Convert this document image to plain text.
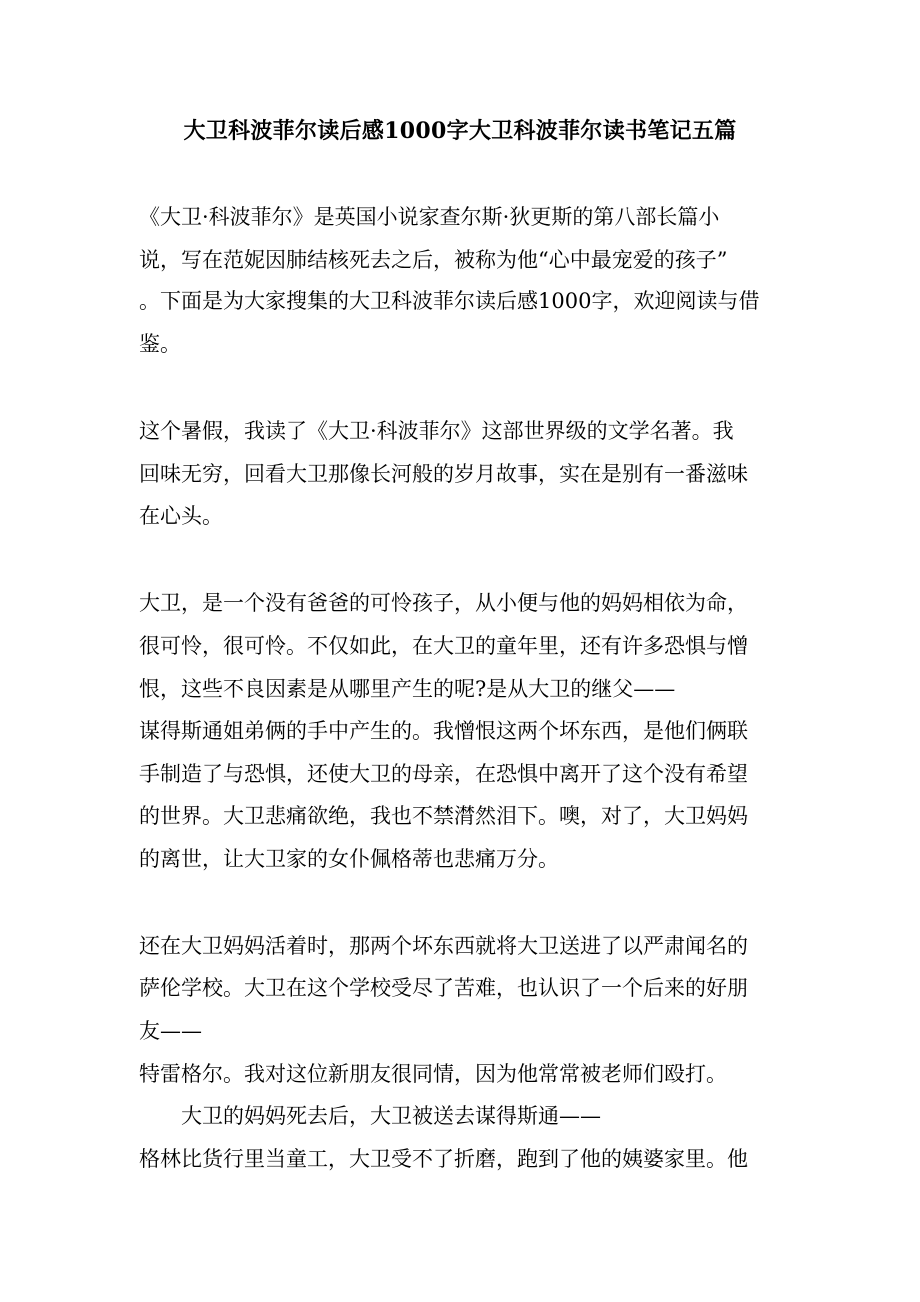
大卫科波菲尔读后感1000字大卫科波菲尔读书笔记五篇
《大卫·科波菲尔》是英国小说家查尔斯·狄更斯的第八部长篇小
说，写在范妮因肺结核死去之后，被称为他“心中最宠爱的孩子”
。下面是为大家搜集的大卫科波菲尔读后感1000字，欢迎阅读与借
鉴。
这个暑假，我读了《大卫·科波菲尔》这部世界级的文学名著。我
回味无穷，回看大卫那像长河般的岁月故事，实在是别有一番滋味
在心头。
大卫，是一个没有爸爸的可怜孩子，从小便与他的妈妈相依为命，
很可怜，很可怜。不仅如此，在大卫的童年里，还有许多恐惧与憎
恨，这些不良因素是从哪里产生的呢?是从大卫的继父——
谋得斯通姐弟俩的手中产生的。我憎恨这两个坏东西，是他们俩联
手制造了与恐惧，还使大卫的母亲，在恐惧中离开了这个没有希望
的世界。大卫悲痛欲绝，我也不禁潸然泪下。噢，对了，大卫妈妈
的离世，让大卫家的女仆佩格蒂也悲痛万分。
还在大卫妈妈活着时，那两个坏东西就将大卫送进了以严肃闻名的
萨伦学校。大卫在这个学校受尽了苦难，也认识了一个后来的好朋
友——
特雷格尔。我对这位新朋友很同情，因为他常常被老师们殴打。
大卫的妈妈死去后，大卫被送去谋得斯通——
格林比货行里当童工，大卫受不了折磨，跑到了他的姨婆家里。他
